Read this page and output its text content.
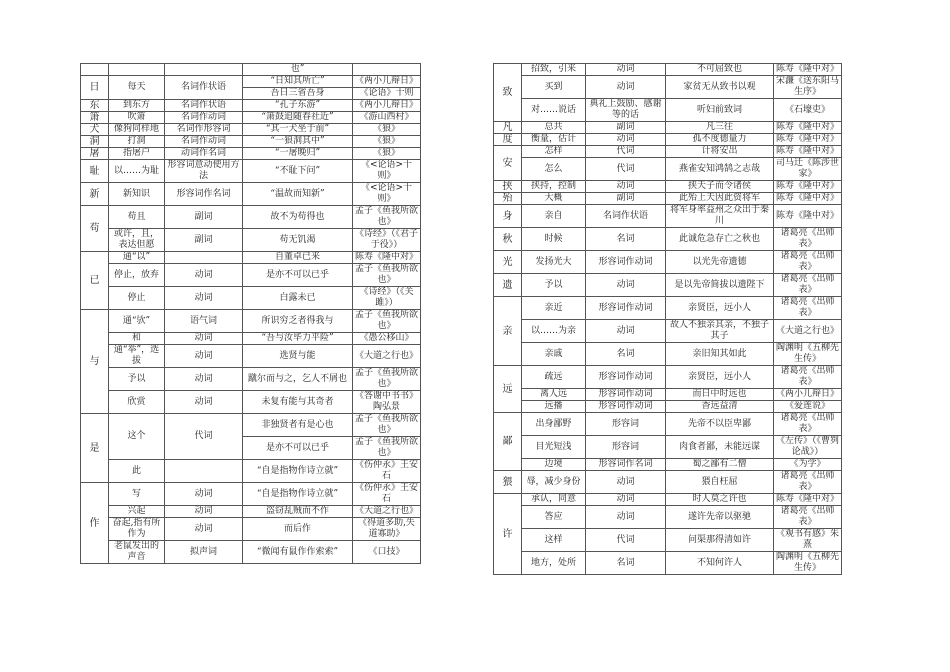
			也”	
日	每天	名词作状语	“日知其所亡”	《两小儿辩日》
			吾日三省吾身	《论语》十则
东	到东方	名词作状语	“孔子东游”	《两小儿辩日》
箫	吹箫	名词作动词	“箫鼓追随春社近”	《游山西村》
犬	像狗同样地	名词作形容词	“其一犬坐于前”	《狼》
洞	打洞	名词作动词	“一狼洞其中”	《狼》
屠	指屠户	动词作名词	“一屠晚归”	《狼》
耻	以……为耻	形容词意动使用方法	“不耻下问”	《<论语>十则》
新	新知识	形容词作名词	“温故而知新”	《<论语>十则》
苟	苟且	副词	故不为苟得也	孟子《鱼我所欲也》
	或许，且，表达但愿	副词	苟无饥渴	《诗经》（《君子于役》）
已	通“以”		自董卓已来	陈寿《隆中对》
	停止，放弃	动词	是亦不可以已乎	孟子《鱼我所欲也》
	停止	动词	白露未已	《诗经》（《关雎》）
与	通“欤”	语气词	所识穷乏者得我与	孟子《鱼我所欲也》
	和	动词	“吾与汝毕力平险”	《愚公移山》
	通“举”，选拔	动词	选贤与能	《大道之行也》
	予以	动词	蹴尔而与之，乞人不屑也	孟子《鱼我所欲也》
	欣赏	动词	未复有能与其奇者	《答谢中书书》陶弘景
是	这个	代词	非独贤者有是心也	孟子《鱼我所欲也》
			是亦不可以已乎	孟子《鱼我所欲也》
	此		“自是指物作诗立就”	《伤仲永》王安石
作	写	动词	“自是指物作诗立就”	《伤仲永》王安石
	兴起	动词	盗窃乱贼而不作	《大道之行也》
	奋起,指有所作为	动词	而后作	《得道多助,失道寡助》
	老鼠发出的声音	拟声词	“微闻有鼠作作索索”	《口技》
致	招致，引来	动词	不可屈致也	陈寿《隆中对》
	买到	动词	家贫无从致书以观	宋濂《送东阳马生序》
	对……说话	典礼上鼓励、感谢等的话	听妇前致词	《石壕吏》
凡	总共	副词	凡三往	陈寿《隆中对》
度	衡量，估计	动词	孤不度德量力	陈寿《隆中对》
安	怎样	代词	计将安出	陈寿《隆中对》
	怎么	代词	燕雀安知鸿鹄之志哉	司马迁《陈涉世家》
挟	挟持，控制	动词	挟天子而令诸侯	陈寿《隆中对》
殆	大概	副词	此殆上天因此资将军	陈寿《隆中对》
身	亲自	名词作状语	将军身率益州之众出于秦川	陈寿《隆中对》
秋	时候	名词	此诚危急存亡之秋也	诸葛亮《出师表》
光	发扬光大	形容词作动词	以光先帝遗德	诸葛亮《出师表》
遗	予以	动词	是以先帝简拔以遗陛下	诸葛亮《出师表》
亲	亲近	形容词作动词	亲贤臣，远小人	诸葛亮《出师表》
	以……为亲	动词	故人不独亲其亲，不独子其子	《大道之行也》
	亲戚	名词	亲旧知其如此	陶渊明《五柳先生传》
远	疏远	形容词作动词	亲贤臣，远小人	诸葛亮《出师表》
	离人远	形容词作动词	而日中时远也	《两小儿辩日》
	远播	形容词作动词	香远益清	《爱莲说》
鄙	出身鄙野	形容词	先帝不以臣卑鄙	诸葛亮《出师表》
	目光短浅	形容词	肉食者鄙，未能远谋	《左传》（《曹刿论战》）
	边境	形容词作名词	蜀之鄙有二僧	《为学》
猥	辱，减少身份	动词	猥自枉屈	诸葛亮《出师表》
许	承认，同意	动词	时人莫之许也	陈寿《隆中对》
	答应	动词	遂许先帝以驱驰	诸葛亮《出师表》
	这样	代词	问渠那得清如许	《观书有感》朱熹
	地方，处所	名词	不知何许人	陶渊明《五柳先生传》
